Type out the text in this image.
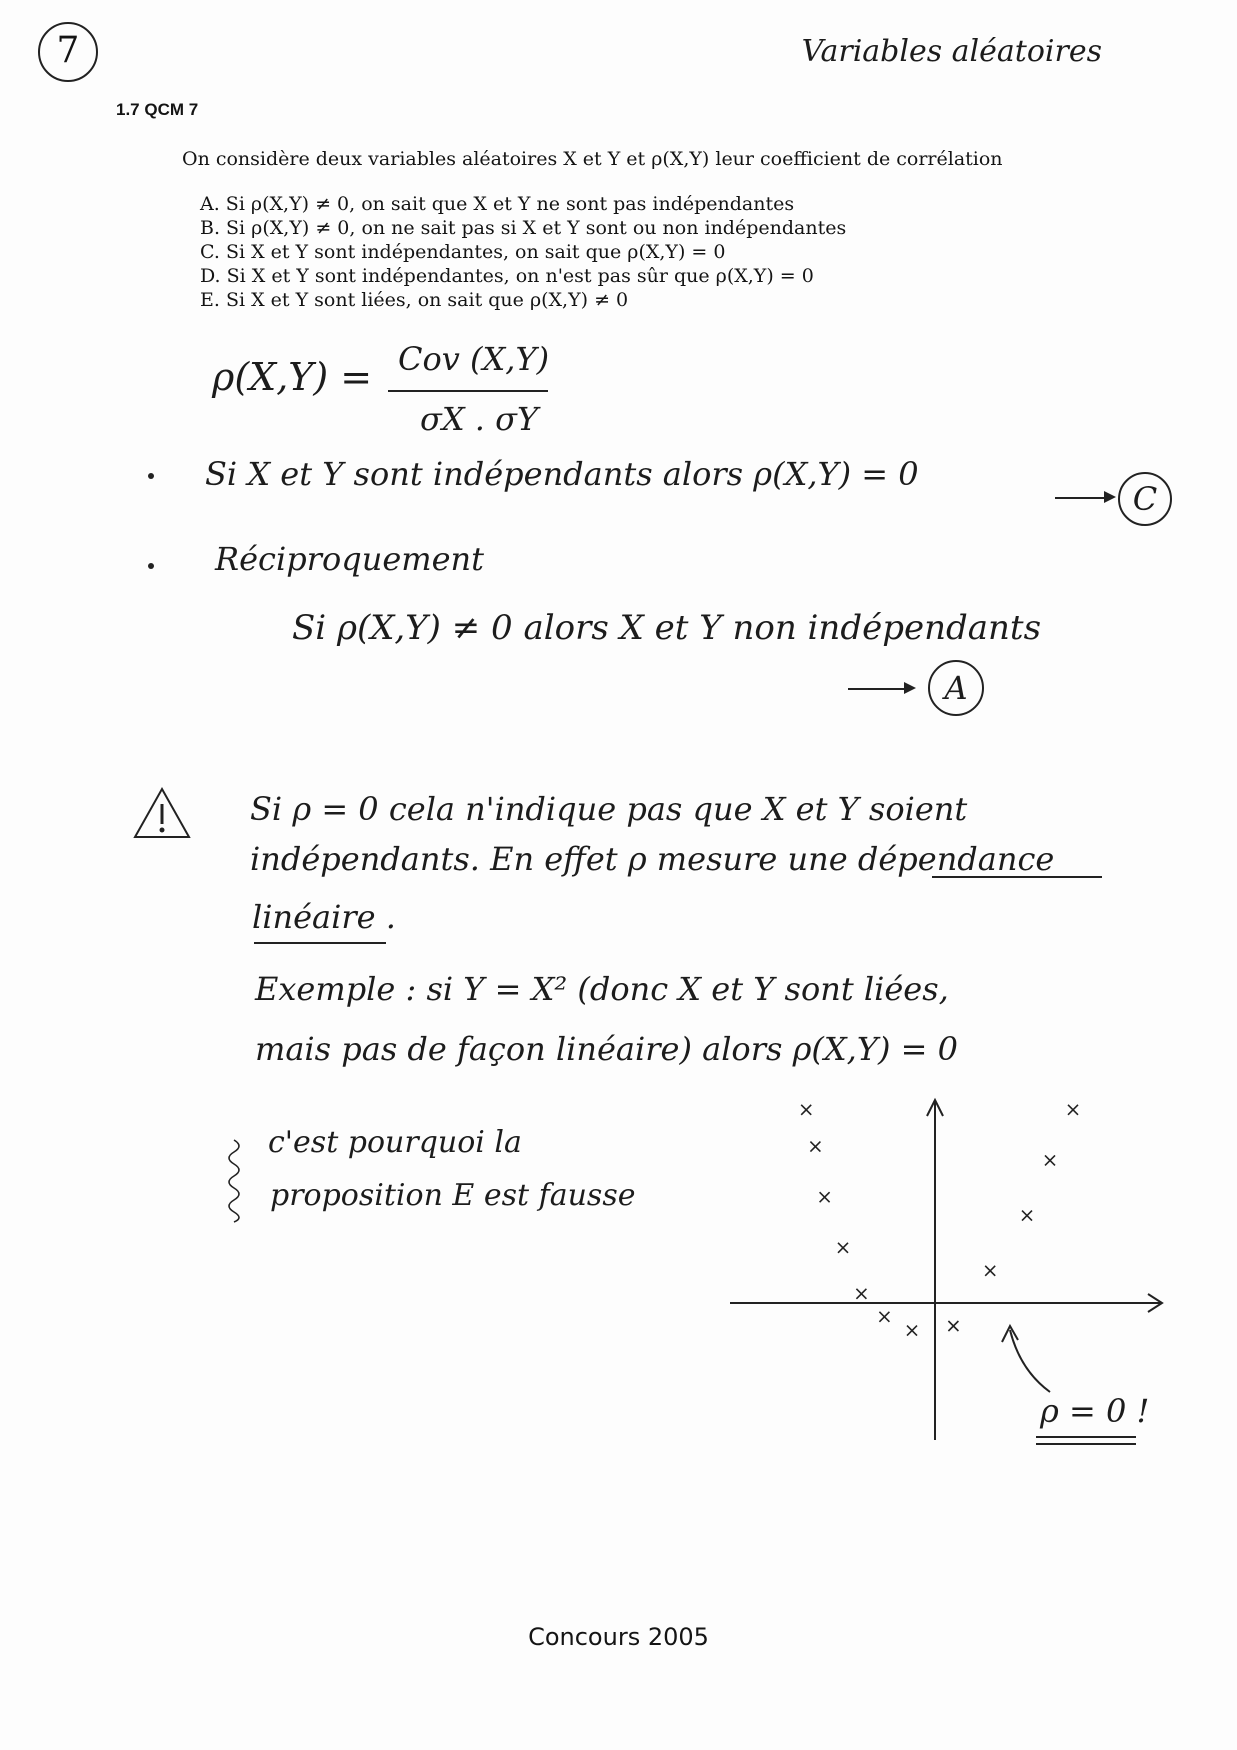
7	Variables aléatoires
1.7 QCM 7
On considère deux variables aléatoires X et Y et ρ(X,Y) leur coefficient de corrélation
A. Si ρ(X,Y) ≠ 0, on sait que X et Y ne sont pas indépendantes
B. Si ρ(X,Y) ≠ 0, on ne sait pas si X et Y sont ou non indépendantes
C. Si X et Y sont indépendantes, on sait que ρ(X,Y) = 0
D. Si X et Y sont indépendantes, on n'est pas sûr que ρ(X,Y) = 0
E. Si X et Y sont liées, on sait que ρ(X,Y) ≠ 0
ρ(X,Y) = Cov (X,Y)
σX . σY
Si X et Y sont indépendants alors ρ(X,Y) = 0
C
Réciproquement
Si ρ(X,Y) ≠ 0 alors X et Y non indépendants
A
Si ρ = 0 cela n'indique pas que X et Y soient
indépendants. En effet ρ mesure une dépendance
linéaire .
Exemple : si Y = X² (donc X et Y sont liées,
mais pas de façon linéaire) alors ρ(X,Y) = 0
c'est pourquoi la
proposition E est fausse
ρ = 0 !
Concours 2005
